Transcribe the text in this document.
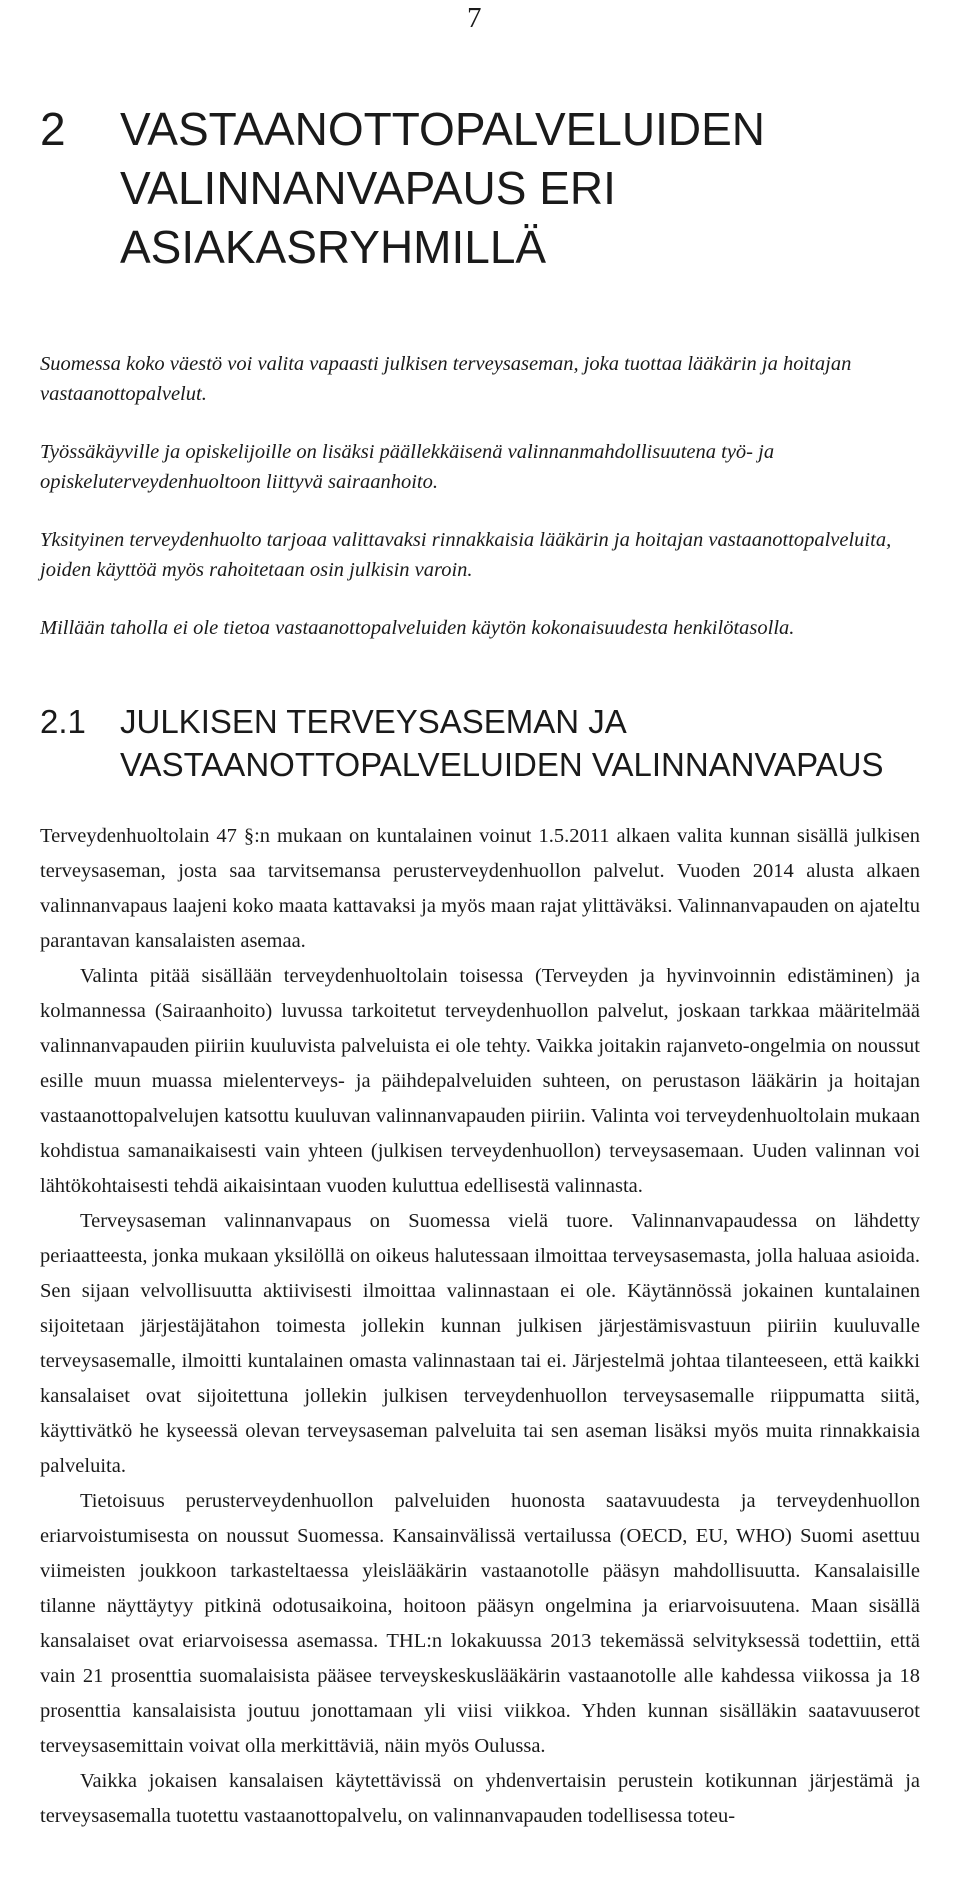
7
2 VASTAANOTTOPALVELUIDEN
VALINNANVAPAUS ERI
ASIAKASRYHMILLÄ

Suomessa koko väestö voi valita vapaasti julkisen terveysaseman, joka tuottaa lääkärin ja hoitajan vastaanottopalvelut.

Työssäkäyville ja opiskelijoille on lisäksi päällekkäisenä valinnanmahdollisuutena työ- ja opiskeluterveydenhuoltoon liittyvä sairaanhoito.

Yksityinen terveydenhuolto tarjoaa valittavaksi rinnakkaisia lääkärin ja hoitajan vastaanottopalveluita, joiden käyttöä myös rahoitetaan osin julkisin varoin.

Millään taholla ei ole tietoa vastaanottopalveluiden käytön kokonaisuudesta henkilötasolla.

2.1 JULKISEN TERVEYSASEMAN JA
VASTAANOTTOPALVELUIDEN VALINNANVAPAUS

Terveydenhuoltolain 47 §:n mukaan on kuntalainen voinut 1.5.2011 alkaen valita kunnan sisällä julkisen terveysaseman, josta saa tarvitsemansa perusterveydenhuollon palvelut. Vuoden 2014 alusta alkaen valinnanvapaus laajeni koko maata kattavaksi ja myös maan rajat ylittäväksi. Valinnanvapauden on ajateltu parantavan kansalaisten asemaa.

Valinta pitää sisällään terveydenhuoltolain toisessa (Terveyden ja hyvinvoinnin edistäminen) ja kolmannessa (Sairaanhoito) luvussa tarkoitetut terveydenhuollon palvelut, joskaan tarkkaa määritelmää valinnanvapauden piiriin kuuluvista palveluista ei ole tehty. Vaikka joitakin rajanveto-ongelmia on noussut esille muun muassa mielenterveys- ja päihdepalveluiden suhteen, on perustason lääkärin ja hoitajan vastaanottopalvelujen katsottu kuuluvan valinnanvapauden piiriin. Valinta voi terveydenhuoltolain mukaan kohdistua samanaikaisesti vain yhteen (julkisen terveydenhuollon) terveysasemaan. Uuden valinnan voi lähtökohtaisesti tehdä aikaisintaan vuoden kuluttua edellisestä valinnasta.

Terveysaseman valinnanvapaus on Suomessa vielä tuore. Valinnanvapaudessa on lähdetty periaatteesta, jonka mukaan yksilöllä on oikeus halutessaan ilmoittaa terveysasemasta, jolla haluaa asioida. Sen sijaan velvollisuutta aktiivisesti ilmoittaa valinnastaan ei ole. Käytännössä jokainen kuntalainen sijoitetaan järjestäjätahon toimesta jollekin kunnan julkisen järjestämisvastuun piiriin kuuluvalle terveysasemalle, ilmoitti kuntalainen omasta valinnastaan tai ei. Järjestelmä johtaa tilanteeseen, että kaikki kansalaiset ovat sijoitettuna jollekin julkisen terveydenhuollon terveysasemalle riippumatta siitä, käyttivätkö he kyseessä olevan terveysaseman palveluita tai sen aseman lisäksi myös muita rinnakkaisia palveluita.

Tietoisuus perusterveydenhuollon palveluiden huonosta saatavuudesta ja terveydenhuollon eriarvoistumisesta on noussut Suomessa. Kansainvälissä vertailussa (OECD, EU, WHO) Suomi asettuu viimeisten joukkoon tarkasteltaessa yleislääkärin vastaanotolle pääsyn mahdollisuutta. Kansalaisille tilanne näyttäytyy pitkinä odotusaikoina, hoitoon pääsyn ongelmina ja eriarvoisuutena. Maan sisällä kansalaiset ovat eriarvoisessa asemassa. THL:n lokakuussa 2013 tekemässä selvityksessä todettiin, että vain 21 prosenttia suomalaisista pääsee terveyskeskuslääkärin vastaanotolle alle kahdessa viikossa ja 18 prosenttia kansalaisista joutuu jonottamaan yli viisi viikkoa. Yhden kunnan sisälläkin saatavuuserot terveysasemittain voivat olla merkittäviä, näin myös Oulussa.

Vaikka jokaisen kansalaisen käytettävissä on yhdenvertaisin perustein kotikunnan järjestämä ja terveysasemalla tuotettu vastaanottopalvelu, on valinnanvapauden todellisessa toteu-
